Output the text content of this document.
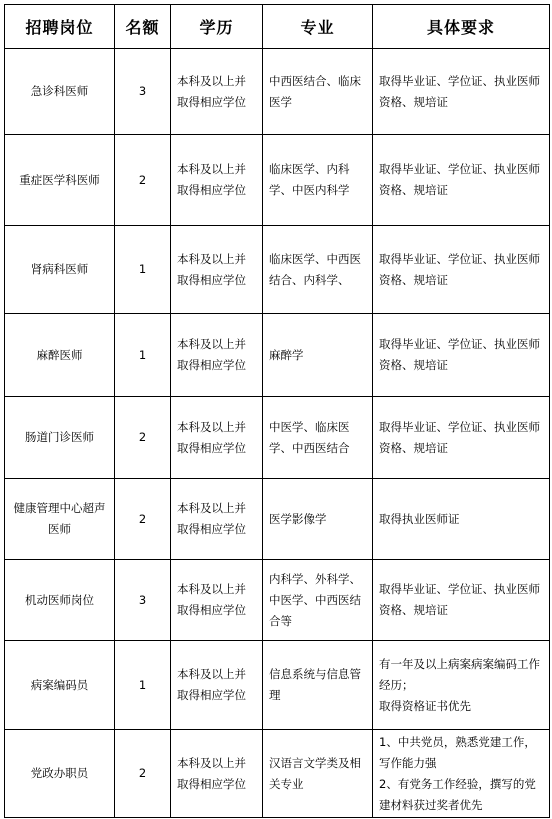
招聘岗位	名额	学历	专业	具体要求
急诊科医师	3	本科及以上并取得相应学位	中西医结合、临床医学	取得毕业证、学位证、执业医师资格、规培证
重症医学科医师	2	本科及以上并取得相应学位	临床医学、内科学、中医内科学	取得毕业证、学位证、执业医师资格、规培证
肾病科医师	1	本科及以上并取得相应学位	临床医学、中西医结合、内科学、	取得毕业证、学位证、执业医师资格、规培证
麻醉医师	1	本科及以上并取得相应学位	麻醉学	取得毕业证、学位证、执业医师资格、规培证
肠道门诊医师	2	本科及以上并取得相应学位	中医学、临床医学、中西医结合	取得毕业证、学位证、执业医师资格、规培证
健康管理中心超声医师	2	本科及以上并取得相应学位	医学影像学	取得执业医师证
机动医师岗位	3	本科及以上并取得相应学位	内科学、外科学、中医学、中西医结合等	取得毕业证、学位证、执业医师资格、规培证
病案编码员	1	本科及以上并取得相应学位	信息系统与信息管理	有一年及以上病案病案编码工作经历；
取得资格证书优先
党政办职员	2	本科及以上并取得相应学位	汉语言文学类及相关专业	1、中共党员，熟悉党建工作，写作能力强
2、有党务工作经验，撰写的党建材料获过奖者优先
